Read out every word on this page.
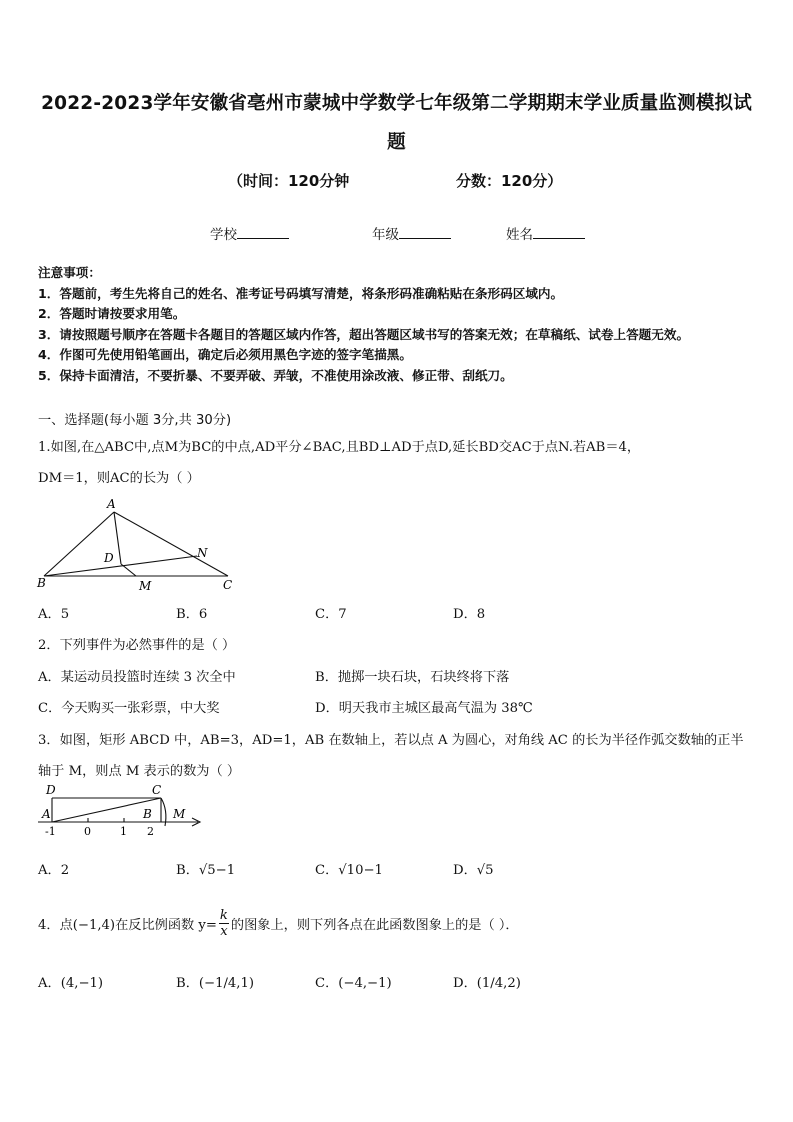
2022-2023学年安徽省亳州市蒙城中学数学七年级第二学期期末学业质量监测模拟试
题
（时间：120分钟	分数：120分）
学校	年级	姓名
注意事项：
1．答题前，考生先将自己的姓名、准考证号码填写清楚，将条形码准确粘贴在条形码区域内。
2．答题时请按要求用笔。
3．请按照题号顺序在答题卡各题目的答题区域内作答，超出答题区域书写的答案无效；在草稿纸、试卷上答题无效。
4．作图可先使用铅笔画出，确定后必须用黑色字迹的签字笔描黑。
5．保持卡面清洁，不要折暴、不要弄破、弄皱，不准使用涂改液、修正带、刮纸刀。
一、选择题(每小题 3分,共 30分)
1.如图,在△ABC中,点M为BC的中点,AD平分∠BAC,且BD⊥AD于点D,延长BD交AC于点N.若AB＝4，
DM＝1，则AC的长为（ ）
A
B	C
D
M
N
A．5	B．6	C．7	D．8
2．下列事件为必然事件的是（ ）
A．某运动员投篮时连续 3 次全中	B．抛掷一块石块，石块终将下落
C．今天购买一张彩票，中大奖	D．明天我市主城区最高气温为 38℃
3．如图，矩形 ABCD 中，AB=3，AD=1，AB 在数轴上，若以点 A 为圆心，对角线 AC 的长为半径作弧交数轴的正半
轴于 M，则点 M 表示的数为（ ）
D	C
A	B M
-1	0	1 2
A．2	B．√5−1	C．√10−1	D．√5
4．点(−1,4)在反比例函数 $y= \frac{k}{x}$ 的图象上，则下列各点在此函数图象上的是（ ）．
A．(4,−1)	B．(−1/4,1)	C．(−4,−1)	D．(1/4,2)
